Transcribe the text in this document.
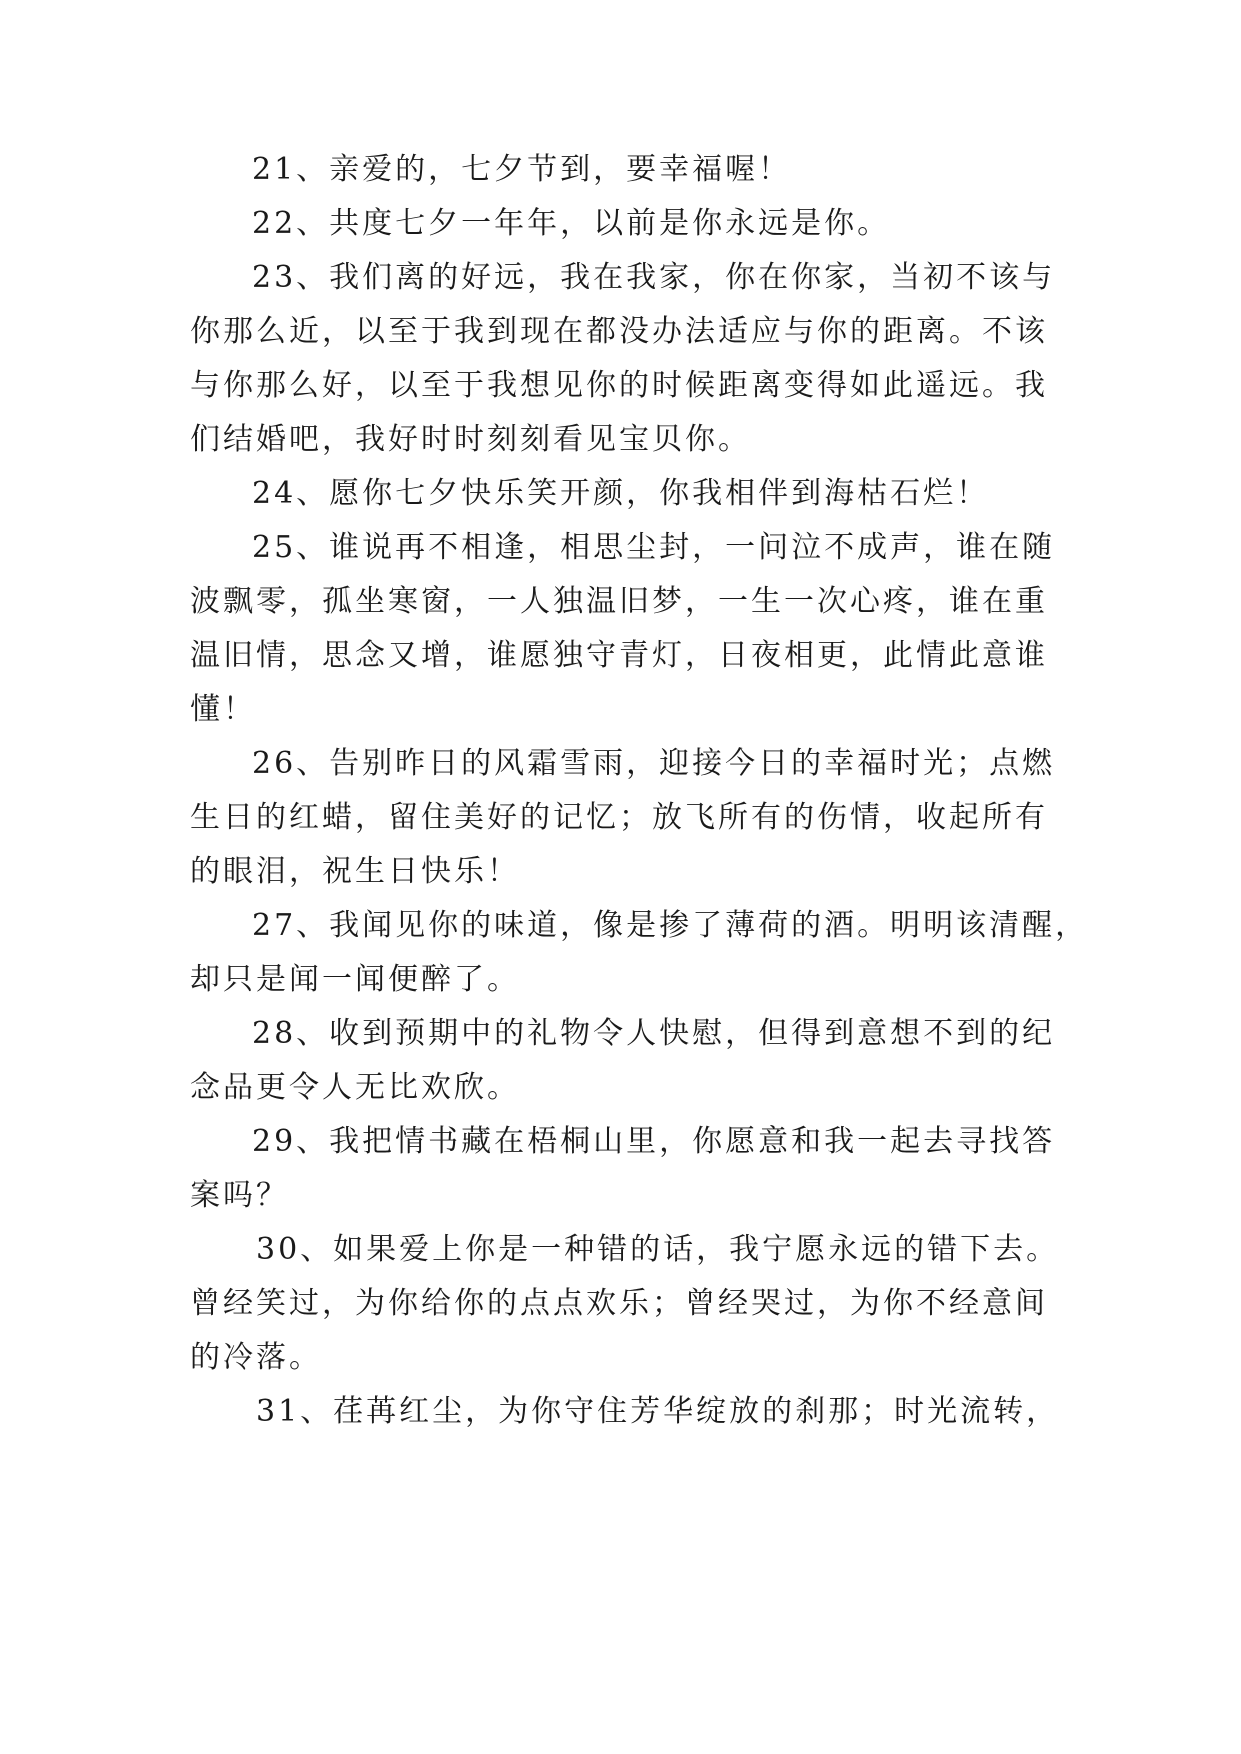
21、亲爱的，七夕节到，要幸福喔！
22、共度七夕一年年，以前是你永远是你。
23、我们离的好远，我在我家，你在你家，当初不该与
你那么近，以至于我到现在都没办法适应与你的距离。不该
与你那么好，以至于我想见你的时候距离变得如此遥远。我
们结婚吧，我好时时刻刻看见宝贝你。
24、愿你七夕快乐笑开颜，你我相伴到海枯石烂！
25、谁说再不相逢，相思尘封，一问泣不成声，谁在随
波飘零，孤坐寒窗，一人独温旧梦，一生一次心疼，谁在重
温旧情，思念又增，谁愿独守青灯，日夜相更，此情此意谁
懂！
26、告别昨日的风霜雪雨，迎接今日的幸福时光；点燃
生日的红蜡，留住美好的记忆；放飞所有的伤情，收起所有
的眼泪，祝生日快乐！
27、我闻见你的味道，像是掺了薄荷的酒。明明该清醒，
却只是闻一闻便醉了。
28、收到预期中的礼物令人快慰，但得到意想不到的纪
念品更令人无比欢欣。
29、我把情书藏在梧桐山里，你愿意和我一起去寻找答
案吗？
30、如果爱上你是一种错的话，我宁愿永远的错下去。
曾经笑过，为你给你的点点欢乐；曾经哭过，为你不经意间
的冷落。
31、荏苒红尘，为你守住芳华绽放的刹那；时光流转，
